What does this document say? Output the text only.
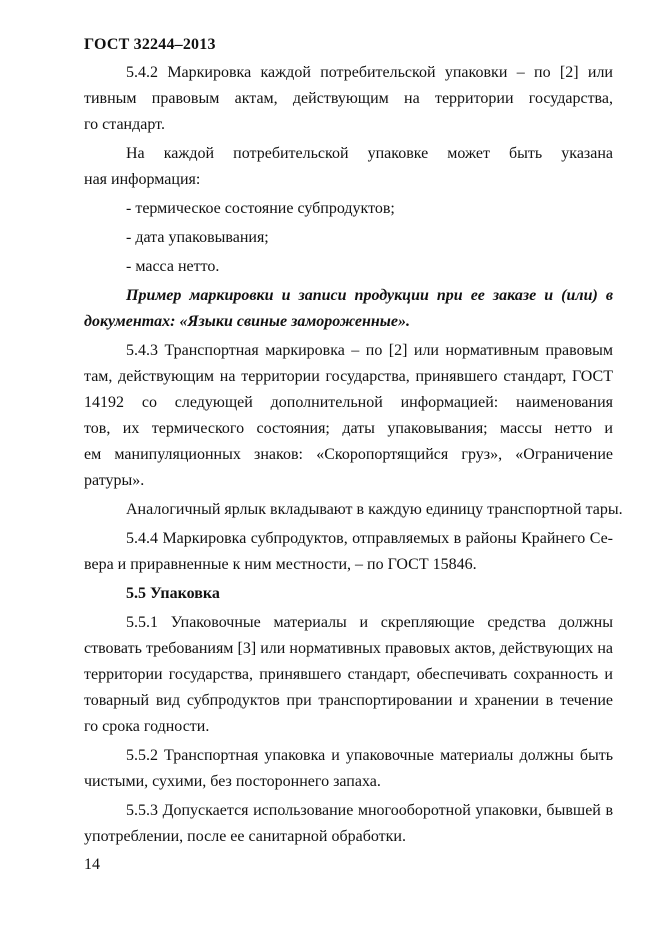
ГОСТ 32244–2013
5.4.2 Маркировка каждой потребительской упаковки – по [2] или
тивным правовым актам, действующим на территории государства,
го стандарт.
На каждой потребительской упаковке может быть указана
ная информация:
- термическое состояние субпродуктов;
- дата упаковывания;
- масса нетто.
Пример маркировки и записи продукции при ее заказе и (или) в
документах: «Языки свиные замороженные».
5.4.3 Транспортная маркировка – по [2] или нормативным правовым
там, действующим на территории государства, принявшего стандарт, ГОСТ
14192 со следующей дополнительной информацией: наименования
тов, их термического состояния; даты упаковывания; массы нетто и
ем манипуляционных знаков: «Скоропортящийся груз», «Ограничение
ратуры».
Аналогичный ярлык вкладывают в каждую единицу транспортной тары.
5.4.4 Маркировка субпродуктов, отправляемых в районы Крайнего Се-
вера и приравненные к ним местности, – по ГОСТ 15846.
5.5 Упаковка
5.5.1 Упаковочные материалы и скрепляющие средства должны
ствовать требованиям [3] или нормативных правовых актов, действующих на
территории государства, принявшего стандарт, обеспечивать сохранность и
товарный вид субпродуктов при транспортировании и хранении в течение
го срока годности.
5.5.2 Транспортная упаковка и упаковочные материалы должны быть
чистыми, сухими, без постороннего запаха.
5.5.3 Допускается использование многооборотной упаковки, бывшей в
употреблении, после ее санитарной обработки.
14
